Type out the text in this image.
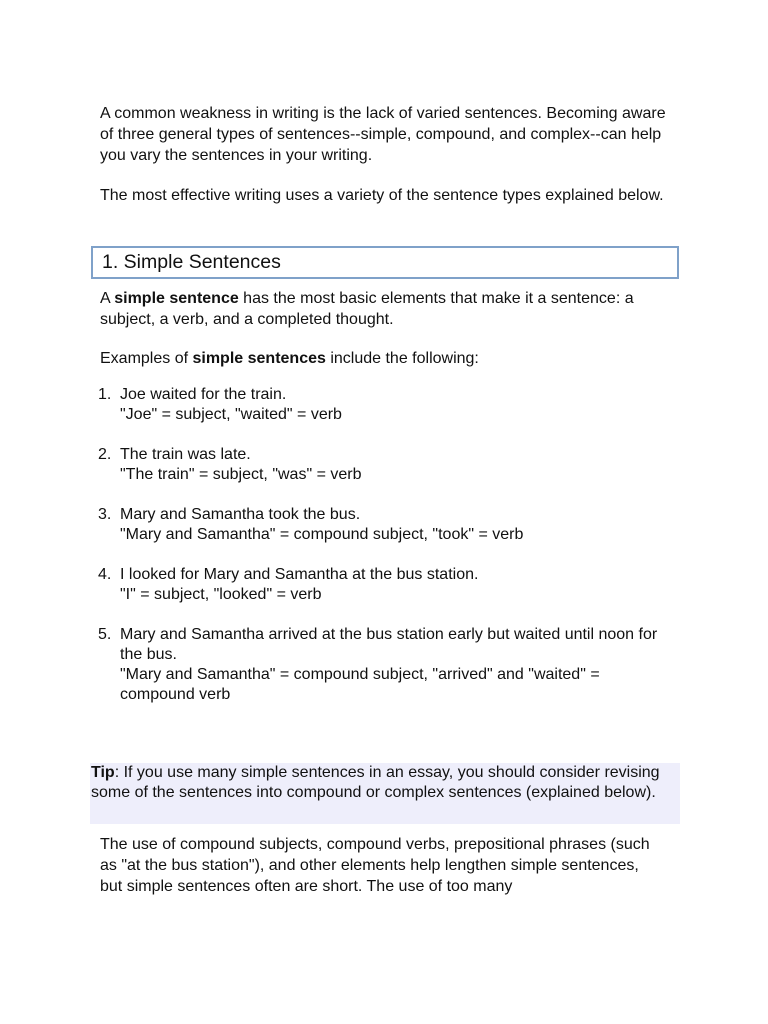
A common weakness in writing is the lack of varied sentences. Becoming aware of three general types of sentences--simple, compound, and complex--can help you vary the sentences in your writing.

The most effective writing uses a variety of the sentence types explained below.

1. Simple Sentences

A simple sentence has the most basic elements that make it a sentence: a subject, a verb, and a completed thought.

Examples of simple sentences include the following:

1. Joe waited for the train.
"Joe" = subject, "waited" = verb
2. The train was late.
"The train" = subject, "was" = verb
3. Mary and Samantha took the bus.
"Mary and Samantha" = compound subject, "took" = verb
4. I looked for Mary and Samantha at the bus station.
"I" = subject, "looked" = verb
5. Mary and Samantha arrived at the bus station early but waited until noon for the bus.
"Mary and Samantha" = compound subject, "arrived" and "waited" = compound verb
Tip: If you use many simple sentences in an essay, you should consider revising some of the sentences into compound or complex sentences (explained below).

The use of compound subjects, compound verbs, prepositional phrases (such as "at the bus station"), and other elements help lengthen simple sentences, but simple sentences often are short. The use of too many
